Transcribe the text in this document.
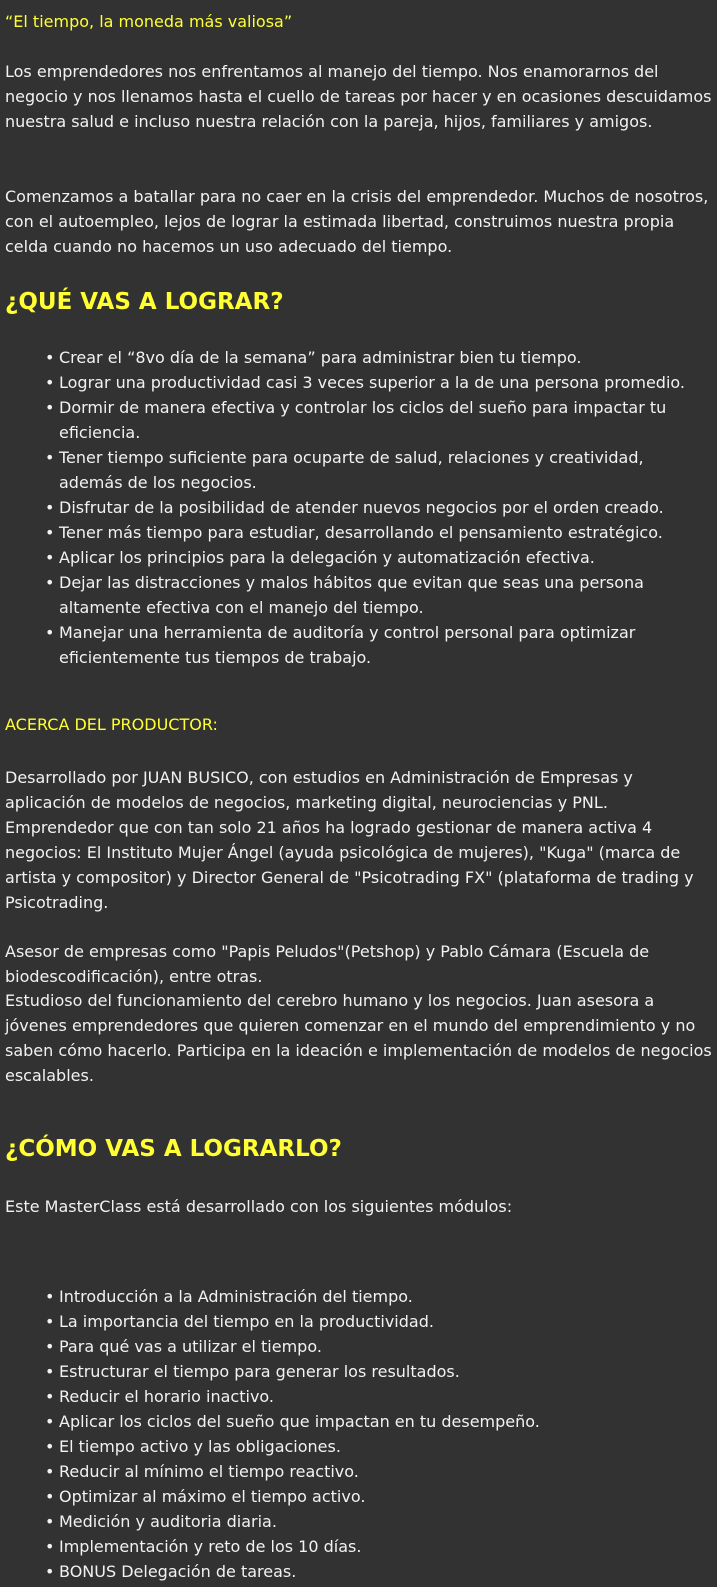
“El tiempo, la moneda más valiosa”

Los emprendedores nos enfrentamos al manejo del tiempo. Nos enamorarnos del negocio y nos llenamos hasta el cuello de tareas por hacer y en ocasiones descuidamos nuestra salud e incluso nuestra relación con la pareja, hijos, familiares y amigos.

Comenzamos a batallar para no caer en la crisis del emprendedor. Muchos de nosotros, con el autoempleo, lejos de lograr la estimada libertad, construimos nuestra propia celda cuando no hacemos un uso adecuado del tiempo.

¿QUÉ VAS A LOGRAR?
• Crear el “8vo día de la semana” para administrar bien tu tiempo.
• Lograr una productividad casi 3 veces superior a la de una persona promedio.
• Dormir de manera efectiva y controlar los ciclos del sueño para impactar tu eficiencia.
• Tener tiempo suficiente para ocuparte de salud, relaciones y creatividad, además de los negocios.
• Disfrutar de la posibilidad de atender nuevos negocios por el orden creado.
• Tener más tiempo para estudiar, desarrollando el pensamiento estratégico.
• Aplicar los principios para la delegación y automatización efectiva.
• Dejar las distracciones y malos hábitos que evitan que seas una persona altamente efectiva con el manejo del tiempo.
• Manejar una herramienta de auditoría y control personal para optimizar eficientemente tus tiempos de trabajo.

ACERCA DEL PRODUCTOR:

Desarrollado por JUAN BUSICO, con estudios en Administración de Empresas y aplicación de modelos de negocios, marketing digital, neurociencias y PNL. Emprendedor que con tan solo 21 años ha logrado gestionar de manera activa 4 negocios: El Instituto Mujer Ángel (ayuda psicológica de mujeres), "Kuga" (marca de artista y compositor) y Director General de "Psicotrading FX" (plataforma de trading y Psicotrading.

Asesor de empresas como "Papis Peludos"(Petshop) y Pablo Cámara (Escuela de biodescodificación), entre otras.

Estudioso del funcionamiento del cerebro humano y los negocios. Juan asesora a jóvenes emprendedores que quieren comenzar en el mundo del emprendimiento y no saben cómo hacerlo. Participa en la ideación e implementación de modelos de negocios escalables.

¿CÓMO VAS A LOGRARLO?

Este MasterClass está desarrollado con los siguientes módulos:

• Introducción a la Administración del tiempo.
• La importancia del tiempo en la productividad.
• Para qué vas a utilizar el tiempo.
• Estructurar el tiempo para generar los resultados.
• Reducir el horario inactivo.
• Aplicar los ciclos del sueño que impactan en tu desempeño.
• El tiempo activo y las obligaciones.
• Reducir al mínimo el tiempo reactivo.
• Optimizar al máximo el tiempo activo.
• Medición y auditoria diaria.
• Implementación y reto de los 10 días.
• BONUS Delegación de tareas.
